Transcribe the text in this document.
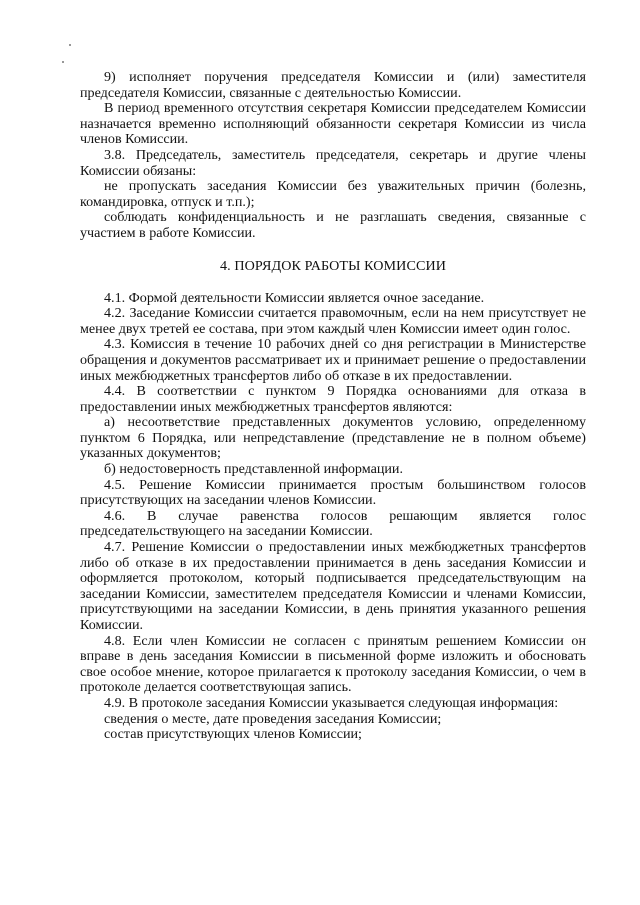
9) исполняет поручения председателя Комиссии и (или) заместителя председателя Комиссии, связанные с деятельностью Комиссии.

В период временного отсутствия секретаря Комиссии председателем Комиссии назначается временно исполняющий обязанности секретаря Комиссии из числа членов Комиссии.

3.8. Председатель, заместитель председателя, секретарь и другие члены Комиссии обязаны:

не пропускать заседания Комиссии без уважительных причин (болезнь, командировка, отпуск и т.п.);

соблюдать конфиденциальность и не разглашать сведения, связанные с участием в работе Комиссии.

4. ПОРЯДОК РАБОТЫ КОМИССИИ

4.1. Формой деятельности Комиссии является очное заседание.

4.2. Заседание Комиссии считается правомочным, если на нем присутствует не менее двух третей ее состава, при этом каждый член Комиссии имеет один голос.

4.3. Комиссия в течение 10 рабочих дней со дня регистрации в Министерстве обращения и документов рассматривает их и принимает решение о предоставлении иных межбюджетных трансфертов либо об отказе в их предоставлении.

4.4. В соответствии с пунктом 9 Порядка основаниями для отказа в предоставлении иных межбюджетных трансфертов являются:

а) несоответствие представленных документов условию, определенному пунктом 6 Порядка, или непредставление (представление не в полном объеме) указанных документов;

б) недостоверность представленной информации.

4.5. Решение Комиссии принимается простым большинством голосов присутствующих на заседании членов Комиссии.

4.6. В случае равенства голосов решающим является голос председательствующего на заседании Комиссии.

4.7. Решение Комиссии о предоставлении иных межбюджетных трансфертов либо об отказе в их предоставлении принимается в день заседания Комиссии и оформляется протоколом, который подписывается председательствующим на заседании Комиссии, заместителем председателя Комиссии и членами Комиссии, присутствующими на заседании Комиссии, в день принятия указанного решения Комиссии.

4.8. Если член Комиссии не согласен с принятым решением Комиссии он вправе в день заседания Комиссии в письменной форме изложить и обосновать свое особое мнение, которое прилагается к протоколу заседания Комиссии, о чем в протоколе делается соответствующая запись.

4.9. В протоколе заседания Комиссии указывается следующая информация:

сведения о месте, дате проведения заседания Комиссии;

состав присутствующих членов Комиссии;
